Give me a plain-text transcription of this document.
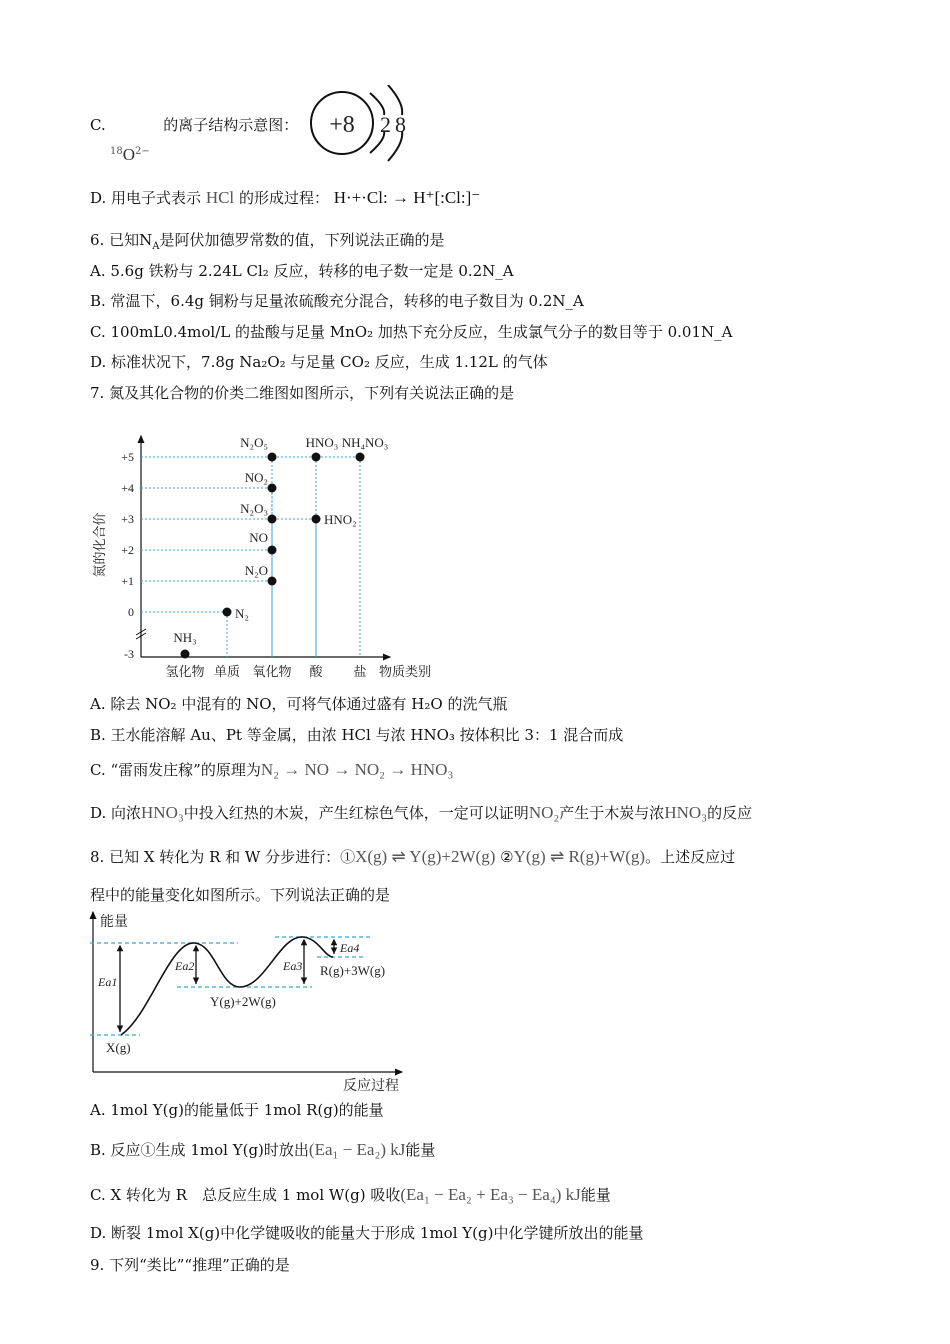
C.	的离子结构示意图：
$^{18}O^{2-}$
+8 2 8
D. 用电子式表示 HCl 的形成过程： H·+·Cl: → H⁺[:Cl:]⁻
6. 已知$N_A$是阿伏加德罗常数的值，下列说法正确的是
A. 5.6g 铁粉与 2.24L Cl₂ 反应，转移的电子数一定是 0.2N_A
B. 常温下，6.4g 铜粉与足量浓硫酸充分混合，转移的电子数目为 0.2N_A
C. 100mL0.4mol/L 的盐酸与足量 MnO₂ 加热下充分反应，生成氯气分子的数目等于 0.01N_A
D. 标准状况下，7.8g Na₂O₂ 与足量 CO₂ 反应，生成 1.12L 的气体
7. 氮及其化合物的价类二维图如图所示，下列有关说法正确的是
氮的化合价
物质类别
+5
+4
+3
+2
+1
0
-3
氢化物 单质 氧化物 酸 盐
NH₃
N₂
N₂O
NO
N₂O₃
NO₂
N₂O₅
HNO₂
HNO₃ NH₄NO₃
A. 除去 NO₂ 中混有的 NO，可将气体通过盛有 H₂O 的洗气瓶
B. 王水能溶解 Au、Pt 等金属，由浓 HCl 与浓 HNO₃ 按体积比 3：1 混合而成
C. “雷雨发庄稼”的原理为N₂ → NO → NO₂ → HNO₃
D. 向浓HNO₃中投入红热的木炭，产生红棕色气体，一定可以证明NO₂产生于木炭与浓HNO₃的反应
8. 已知 X 转化为 R 和 W 分步进行：①X(g) ⇌ Y(g)+2W(g) ②Y(g) ⇌ R(g)+W(g)。上述反应过
程中的能量变化如图所示。下列说法正确的是
能量
反应过程
X(g)
Y(g)+2W(g)
R(g)+3W(g)
Ea1
Ea2	Ea3
Ea4
A. 1mol Y(g)的能量低于 1mol R(g)的能量
B. 反应①生成 1mol Y(g)时放出(Ea₁ − Ea₂) kJ能量
C. X 转化为 R　总反应生成 1 mol W(g) 吸收(Ea₁ − Ea₂ + Ea₃ − Ea₄) kJ能量
D. 断裂 1mol X(g)中化学键吸收的能量大于形成 1mol Y(g)中化学键所放出的能量
9. 下列“类比”“推理”正确的是
